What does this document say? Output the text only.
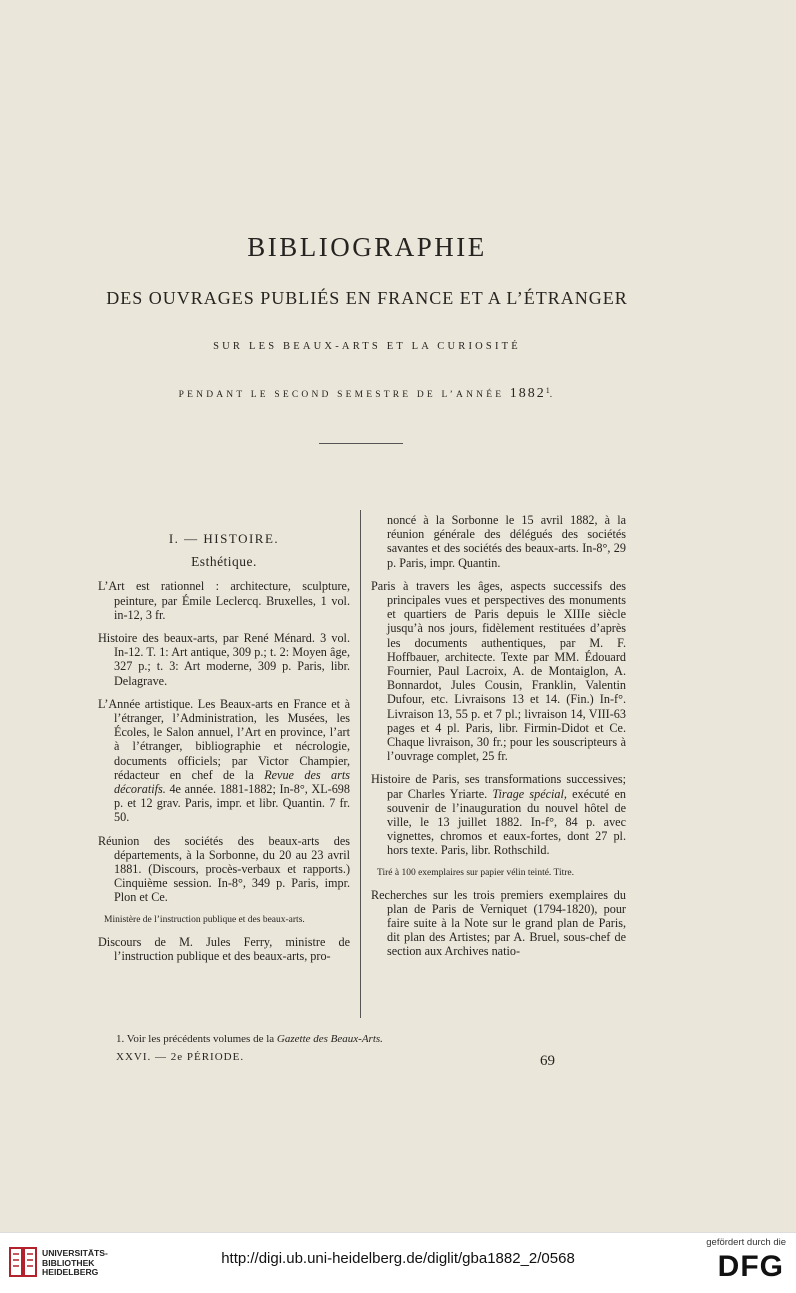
BIBLIOGRAPHIE
DES OUVRAGES PUBLIÉS EN FRANCE ET A L’ÉTRANGER
SUR LES BEAUX-ARTS ET LA CURIOSITÉ
PENDANT LE SECOND SEMESTRE DE L’ANNÉE 1882$^1$.
I. — HISTOIRE.
Esthétique.

L’Art est rationnel : architecture, sculpture, peinture, par Émile Leclercq. Bruxelles, 1 vol. in-12, 3 fr.

Histoire des beaux-arts, par René Ménard. 3 vol. In-12. T. 1: Art antique, 309 p.; t. 2: Moyen âge, 327 p.; t. 3: Art moderne, 309 p. Paris, libr. Delagrave.

L’Année artistique. Les Beaux-arts en France et à l’étranger, l’Administration, les Musées, les Écoles, le Salon annuel, l’Art en province, l’art à l’étranger, bibliographie et nécrologie, documents officiels; par Victor Champier, rédacteur en chef de la Revue des arts décoratifs. 4e année. 1881-1882; In-8°, XL-698 p. et 12 grav. Paris, impr. et libr. Quantin. 7 fr. 50.

Réunion des sociétés des beaux-arts des départements, à la Sorbonne, du 20 au 23 avril 1881. (Discours, procès-verbaux et rapports.) Cinquième session. In-8°, 349 p. Paris, impr. Plon et Ce.

Ministère de l’instruction publique et des beaux-arts.

Discours de M. Jules Ferry, ministre de l’instruction publique et des beaux-arts, pro-

noncé à la Sorbonne le 15 avril 1882, à la réunion générale des délégués des sociétés savantes et des sociétés des beaux-arts. In-8°, 29 p. Paris, impr. Quantin.

Paris à travers les âges, aspects successifs des principales vues et perspectives des monuments et quartiers de Paris depuis le XIIIe siècle jusqu’à nos jours, fidèlement restituées d’après les documents authentiques, par M. F. Hoffbauer, architecte. Texte par MM. Édouard Fournier, Paul Lacroix, A. de Montaiglon, A. Bonnardot, Jules Cousin, Franklin, Valentin Dufour, etc. Livraisons 13 et 14. (Fin.) In-f°. Livraison 13, 55 p. et 7 pl.; livraison 14, VIII-63 pages et 4 pl. Paris, libr. Firmin-Didot et Ce. Chaque livraison, 30 fr.; pour les souscripteurs à l’ouvrage complet, 25 fr.

Histoire de Paris, ses transformations successives; par Charles Yriarte. Tirage spécial, exécuté en souvenir de l’inauguration du nouvel hôtel de ville, le 13 juillet 1882. In-f°, 84 p. avec vignettes, chromos et eaux-fortes, dont 27 pl. hors texte. Paris, libr. Rothschild.

Tiré à 100 exemplaires sur papier vélin teinté. Titre.

Recherches sur les trois premiers exemplaires du plan de Paris de Verniquet (1794-1820), pour faire suite à la Note sur le grand plan de Paris, dit plan des Artistes; par A. Bruel, sous-chef de section aux Archives natio-

1. Voir les précédents volumes de la Gazette des Beaux-Arts.
XXVI. — 2e PÉRIODE.	69
UNIVERSITÄTS-
BIBLIOTHEK
HEIDELBERG
http://digi.ub.uni-heidelberg.de/diglit/gba1882_2/0568
gefördert durch die
DFG
